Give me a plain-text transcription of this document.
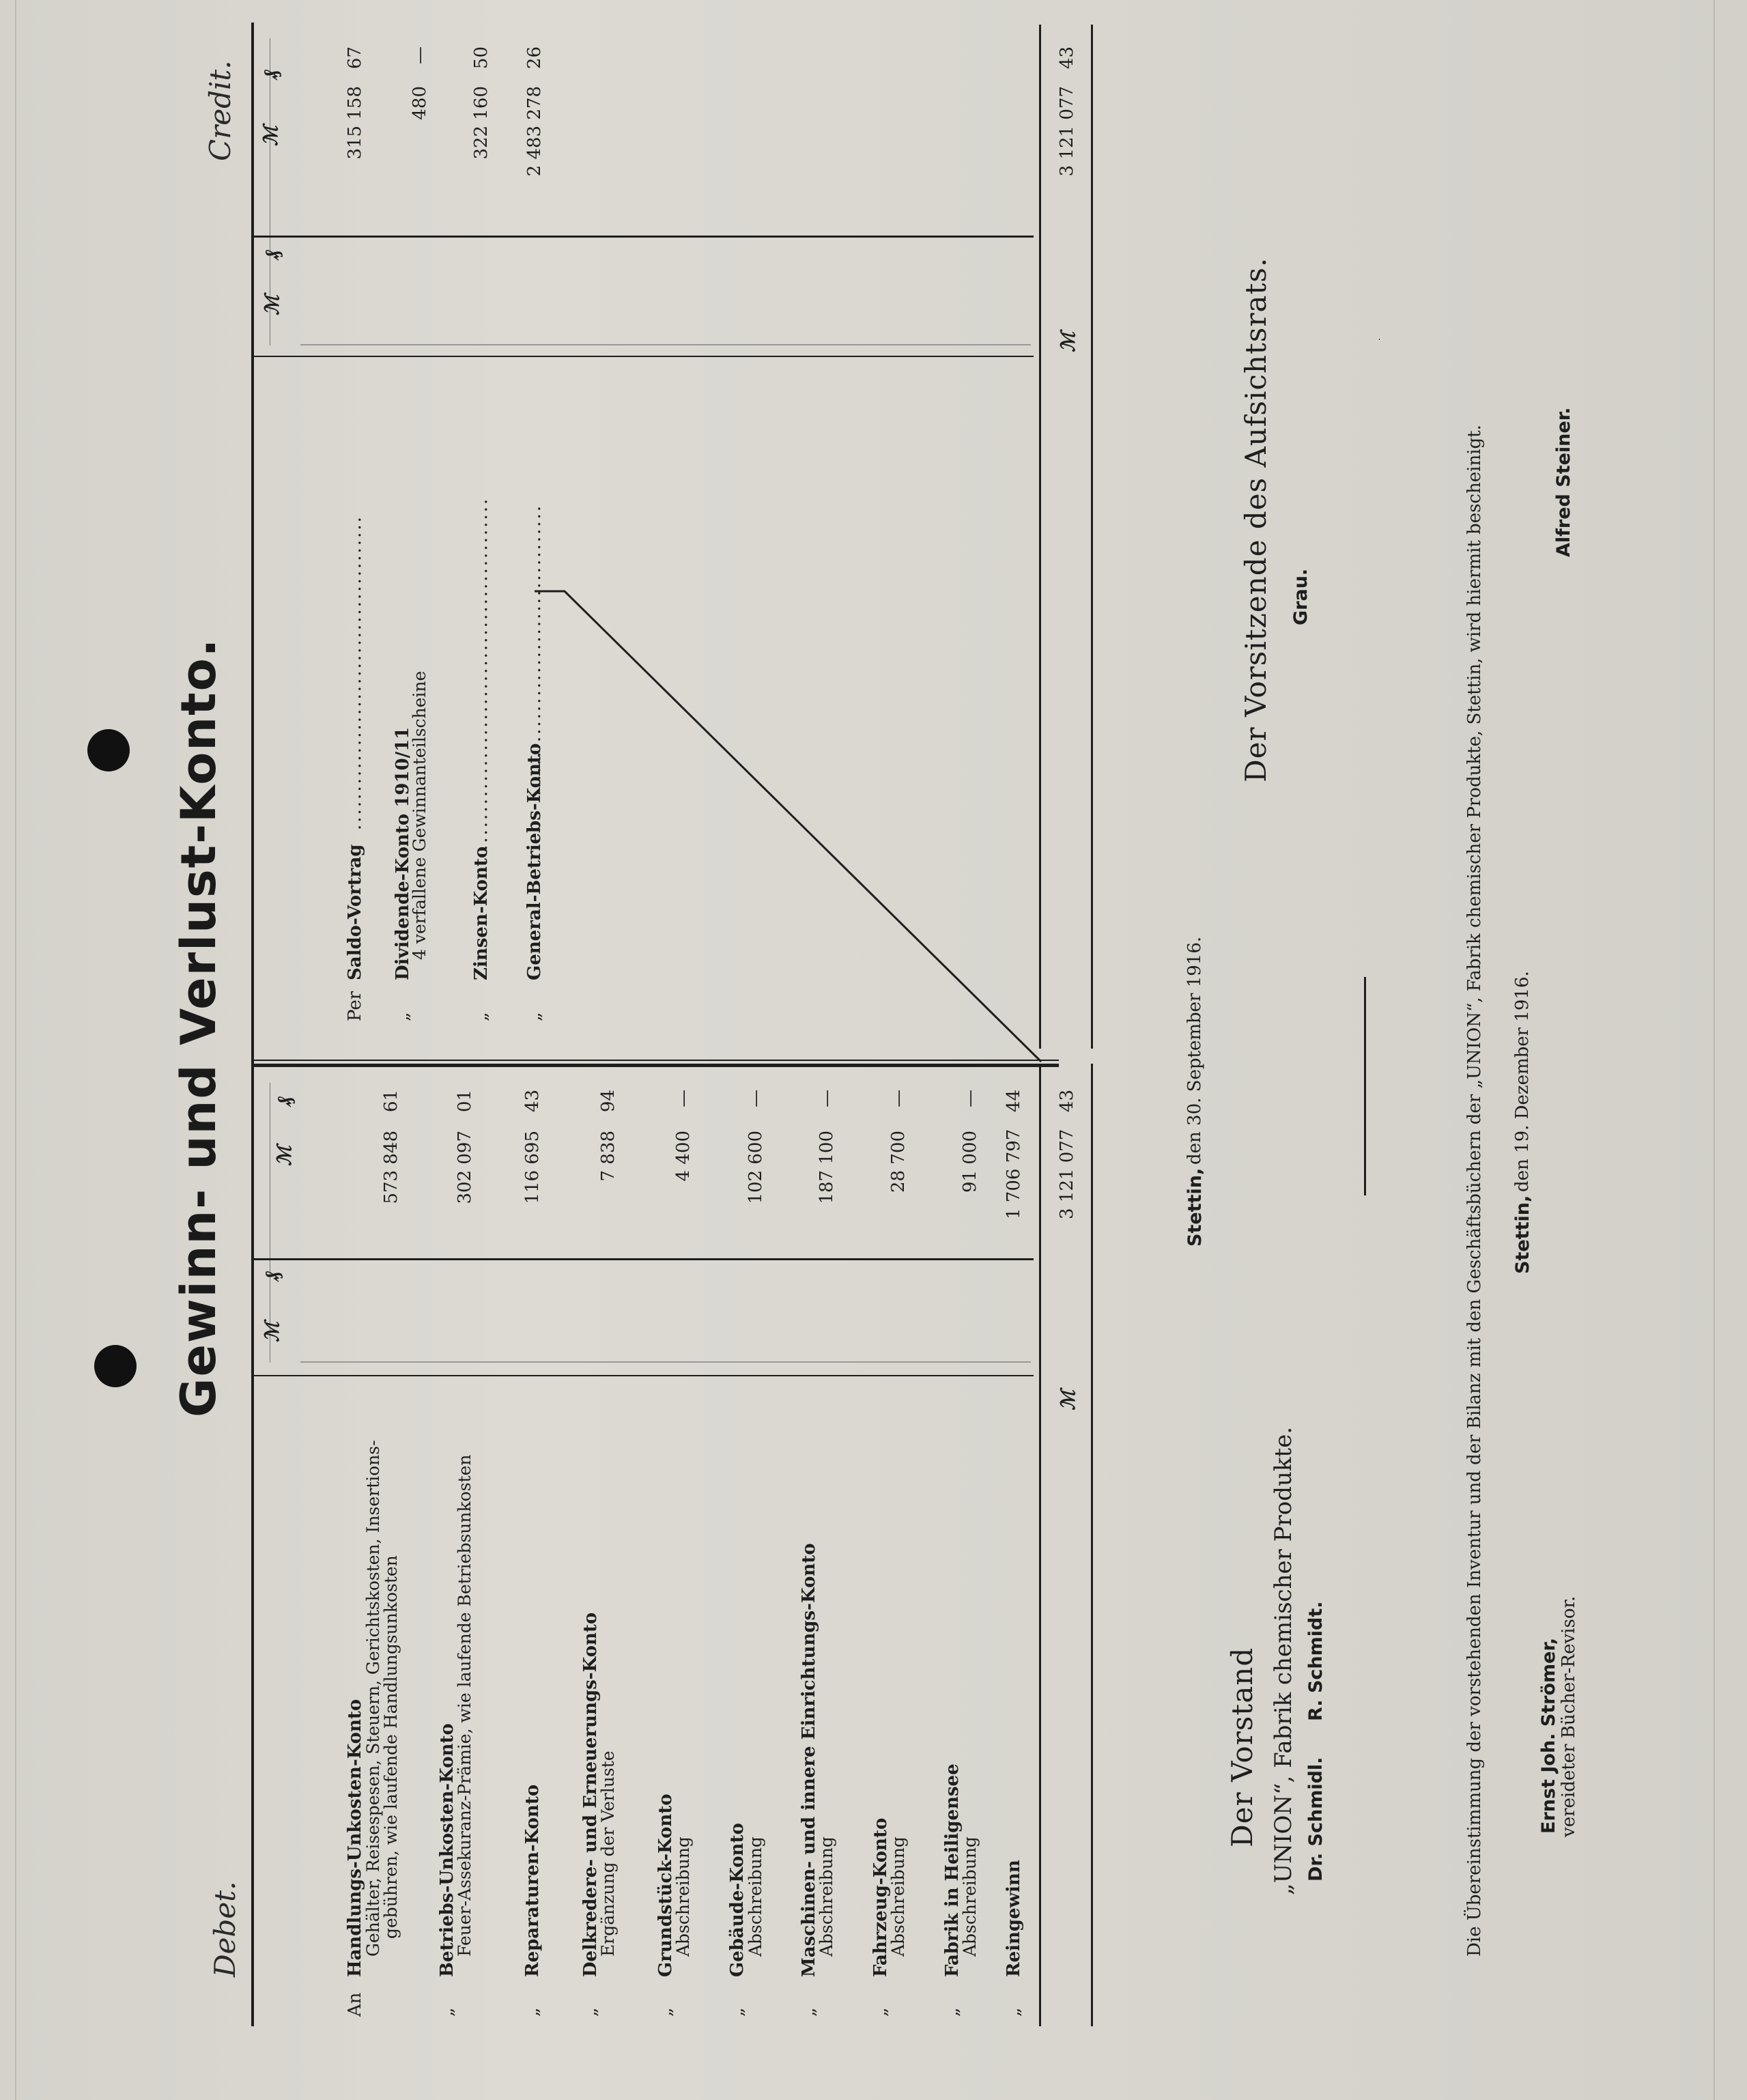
Gewinn- und Verlust-Konto.
Debet.
Credit.
ℳ
₰
ℳ
₰
ℳ
₰
ℳ
₰
An
Handlungs-Unkosten-Konto
Gehälter, Reisespesen, Steuern, Gerichtskosten, Insertions-
gebühren, wie laufende Handlungsunkosten
573 848
61
„
Betriebs-Unkosten-Konto
Feuer-Assekuranz-Prämie, wie laufende Betriebsunkosten
302 097
01
„
Reparaturen-Konto
116 695
43
„
Delkredere- und Erneuerungs-Konto
Ergänzung der Verluste
7 838
94
„
Grundstück-Konto
Abschreibung
4 400
—
„
Gebäude-Konto
Abschreibung
102 600
—
„
Maschinen- und innere Einrichtungs-Konto
Abschreibung
187 100
—
„
Fahrzeug-Konto
Abschreibung
28 700
—
„
Fabrik in Heiligensee
Abschreibung
91 000
—
„
Reingewinn
1 706 797
44
ℳ
3 121 077
43
Per
Saldo-Vortrag
.........................................
315 158
67
„
Dividende-Konto 1910/11
4 verfallene Gewinnanteilscheine
480
—
„
Zinsen-Konto
..............................................
322 160
50
„
General-Betriebs-Konto
......................................
2 483 278
26
ℳ
3 121 077
43
Stettin,
den 30. September 1916.
Der Vorstand „UNION“, Fabrik chemischer Produkte. Dr. Schmidl.
R. Schmidt.
Der Vorsitzende des Aufsichtsrats. Grau.	Die Übereinstimmung der vorstehenden Inventur und der Bilanz mit den Geschäftsbüchern der „UNION“, Fabrik chemischer Produkte, Stettin, wird hiermit bescheinigt. Stettin,
den 19. Dezember 1916.
Ernst Joh. Strömer, vereideter Bücher-Revisor.
Alfred Steiner.
